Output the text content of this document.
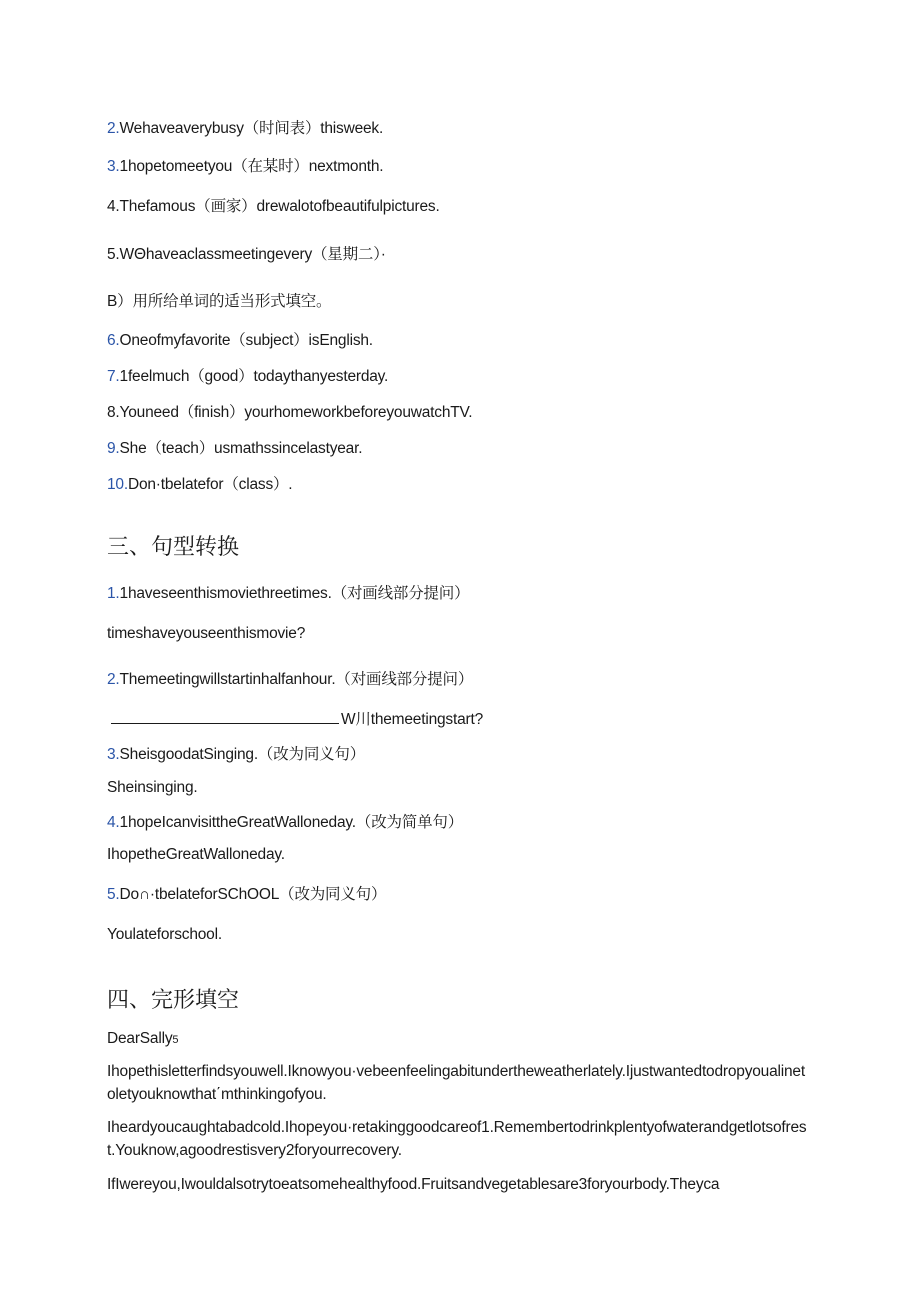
2.Wehaveaverybusy（时间表）thisweek.
3.1hopetomeetyou（在某时）nextmonth.
4.Thefamous（画家）drewalotofbeautifulpictures.
5.WΘhaveaclassmeetingevery（星期二）·
B）用所给单词的适当形式填空。
6.Oneofmyfavorite（subject）isEnglish.
7.1feelmuch（good）todaythanyesterday.
8.Youneed（finish）yourhomeworkbeforeyouwatchTV.
9.She（teach）usmathssincelastyear.
10.Don·tbelatefor（class）.
三、句型转换
1.1haveseenthismoviethreetimes.（对画线部分提问）
timeshaveyouseenthismovie?
2.Themeetingwillstartinhalfanhour.（对画线部分提问）
W川themeetingstart?
3.SheisgoodatSinging.（改为同义句）
Sheinsinging.
4.1hopeIcanvisittheGreatWalloneday.（改为简单句）
IhopetheGreatWalloneday.
5.Do∩·tbelateforSChOOL（改为同义句）
Youlateforschool.
四、完形填空
DearSally5
Ihopethisletterfindsyouwell.Iknowyou·vebeenfeelingabitundertheweatherlately.Ijustwantedtodropyoualinetoletyouknowthat΄mthinkingofyou.
Iheardyoucaughtabadcold.Ihopeyou·retakinggoodcareof1.Remembertodrinkplentyofwaterandgetlotsofrest.Youknow,agoodrestisvery2foryourrecovery.
IfIwereyou,Iwouldalsotrytoeatsomehealthyfood.Fruitsandvegetablesare3foryourbody.Theyca
